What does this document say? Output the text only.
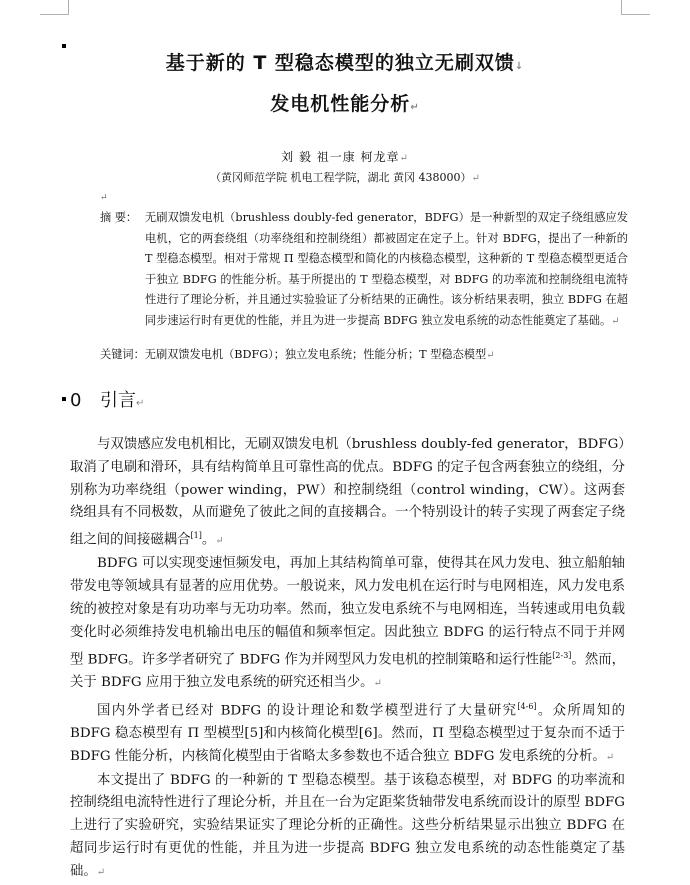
基于新的 T 型稳态模型的独立无刷双馈↓
发电机性能分析↵
刘 毅 祖一康 柯龙章↵
（黄冈师范学院 机电工程学院，湖北 黄冈 438000）↵
↵
摘 要： 无刷双馈发电机（brushless doubly-fed generator，BDFG）是一种新型的双定子绕组感应发电机，它的两套绕组（功率绕组和控制绕组）都被固定在定子上。针对 BDFG，提出了一种新的 T 型稳态模型。相对于常规 Π 型稳态模型和简化的内核稳态模型，这种新的 T 型稳态模型更适合于独立 BDFG 的性能分析。基于所提出的 T 型稳态模型，对 BDFG 的功率流和控制绕组电流特性进行了理论分析，并且通过实验验证了分析结果的正确性。该分析结果表明，独立 BDFG 在超同步速运行时有更优的性能，并且为进一步提高 BDFG 独立发电系统的动态性能奠定了基础。↵
关键词：无刷双馈发电机（BDFG）；独立发电系统；性能分析；T 型稳态模型↵
0 引言↵

与双馈感应发电机相比，无刷双馈发电机（brushless doubly-fed generator，BDFG）取消了电刷和滑环，具有结构简单且可靠性高的优点。BDFG 的定子包含两套独立的绕组，分别称为功率绕组（power winding，PW）和控制绕组（control winding，CW）。这两套绕组具有不同极数，从而避免了彼此之间的直接耦合。一个特别设计的转子实现了两套定子绕组之间的间接磁耦合[1]。↵

BDFG 可以实现变速恒频发电，再加上其结构简单可靠，使得其在风力发电、独立船舶轴带发电等领域具有显著的应用优势。一般说来，风力发电机在运行时与电网相连，风力发电系统的被控对象是有功功率与无功功率。然而，独立发电系统不与电网相连，当转速或用电负载变化时必须维持发电机输出电压的幅值和频率恒定。因此独立 BDFG 的运行特点不同于并网型 BDFG。许多学者研究了 BDFG 作为并网型风力发电机的控制策略和运行性能[2-3]。然而，关于 BDFG 应用于独立发电系统的研究还相当少。↵

国内外学者已经对 BDFG 的设计理论和数学模型进行了大量研究[4-6]。众所周知的 BDFG 稳态模型有 Π 型模型[5]和内核简化模型[6]。然而，Π 型稳态模型过于复杂而不适于 BDFG 性能分析，内核简化模型由于省略太多参数也不适合独立 BDFG 发电系统的分析。↵

本文提出了 BDFG 的一种新的 T 型稳态模型。基于该稳态模型，对 BDFG 的功率流和控制绕组电流特性进行了理论分析，并且在一台为定距桨货轴带发电系统而设计的原型 BDFG 上进行了实验研究，实验结果证实了理论分析的正确性。这些分析结果显示出独立 BDFG 在超同步运行时有更优的性能，并且为进一步提高 BDFG 独立发电系统的动态性能奠定了基础。↵
